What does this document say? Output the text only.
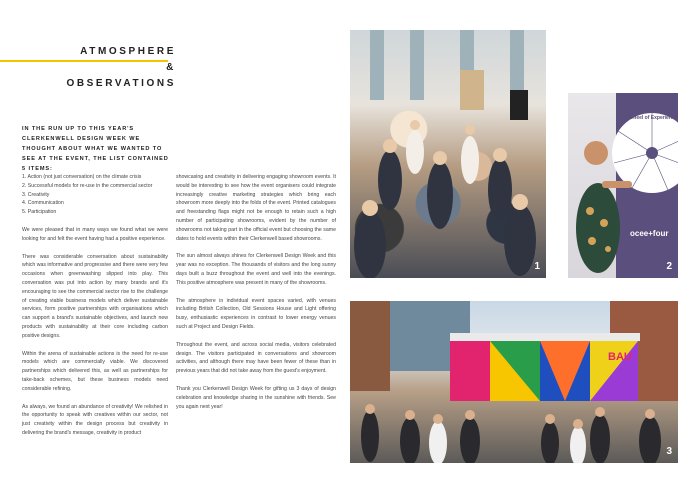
ATMOSPHERE &
OBSERVATIONS
IN THE RUN UP TO THIS YEAR'S CLERKENWELL DESIGN WEEK WE THOUGHT ABOUT WHAT WE WANTED TO SEE AT THE EVENT, THE LIST CONTAINED 5 ITEMS:

1. Action (not just conversation) on the climate crisis

2. Successful models for re-use in the commercial sector

3. Creativity

4. Communication

5. Participation

We were pleased that in many ways we found what we were looking for and felt the event having had a positive experience.

There was considerable conversation about sustainability which was informative and progressive and there were very few occasions when greenwashing slipped into play. This conversation was put into action by many brands and it's encouraging to see the commercial sector rise to the challenge of creating viable business models which deliver sustainable services, form positive partnerships with organisations which can support a brand's sustainable objectives, and launch new products with sustainability at their core including carbon positive designs.

Within the arena of sustainable actions is the need for re-use models which are commercially viable. We discovered partnerships which delivered this, as well as partnerships for take-back schemes, but these business models need considerable refining.

As always, we found an abundance of creativity! We relished in the opportunity to speak with creatives within our sector, not just creativity within the design process but creativity in delivering the brand's message, creativity in product

showcasing and creativity in delivering engaging showroom events. It would be interesting to see how the event organisers could integrate increasingly creative marketing strategies which bring each showroom more deeply into the folds of the event. Printed catalogues and freestanding flags might not be enough to retain such a high number of participating showrooms, evident by the number of showrooms not taking part in the official event but choosing the same dates to hold events within their Clerkenwell based showrooms.

The sun almost always shines for Clerkenwell Design Week and this year was no exception. The thousands of visitors and the long sunny days built a buzz throughout the event and well into the evenings. This positive atmosphere was present in many of the showrooms.

The atmosphere in individual event spaces varied, with venues including British Collection, Old Sessions House and Light offering busy, enthusiastic experiences in contrast to lower energy venues such at Project and Design Fields.

Throughout the event, and across social media, visitors celebrated design. The visitors participated in conversations and showroom activities, and although there may have been fewer of these than in previous years that did not take away from the guest's enjoyment.

Thank you Clerkenwell Design Week for gifting us 3 days of design celebration and knowledge sharing in the sunshine with friends. See you again next year!

1
Wheel of Experience
ocee+four
2
BAU
3
